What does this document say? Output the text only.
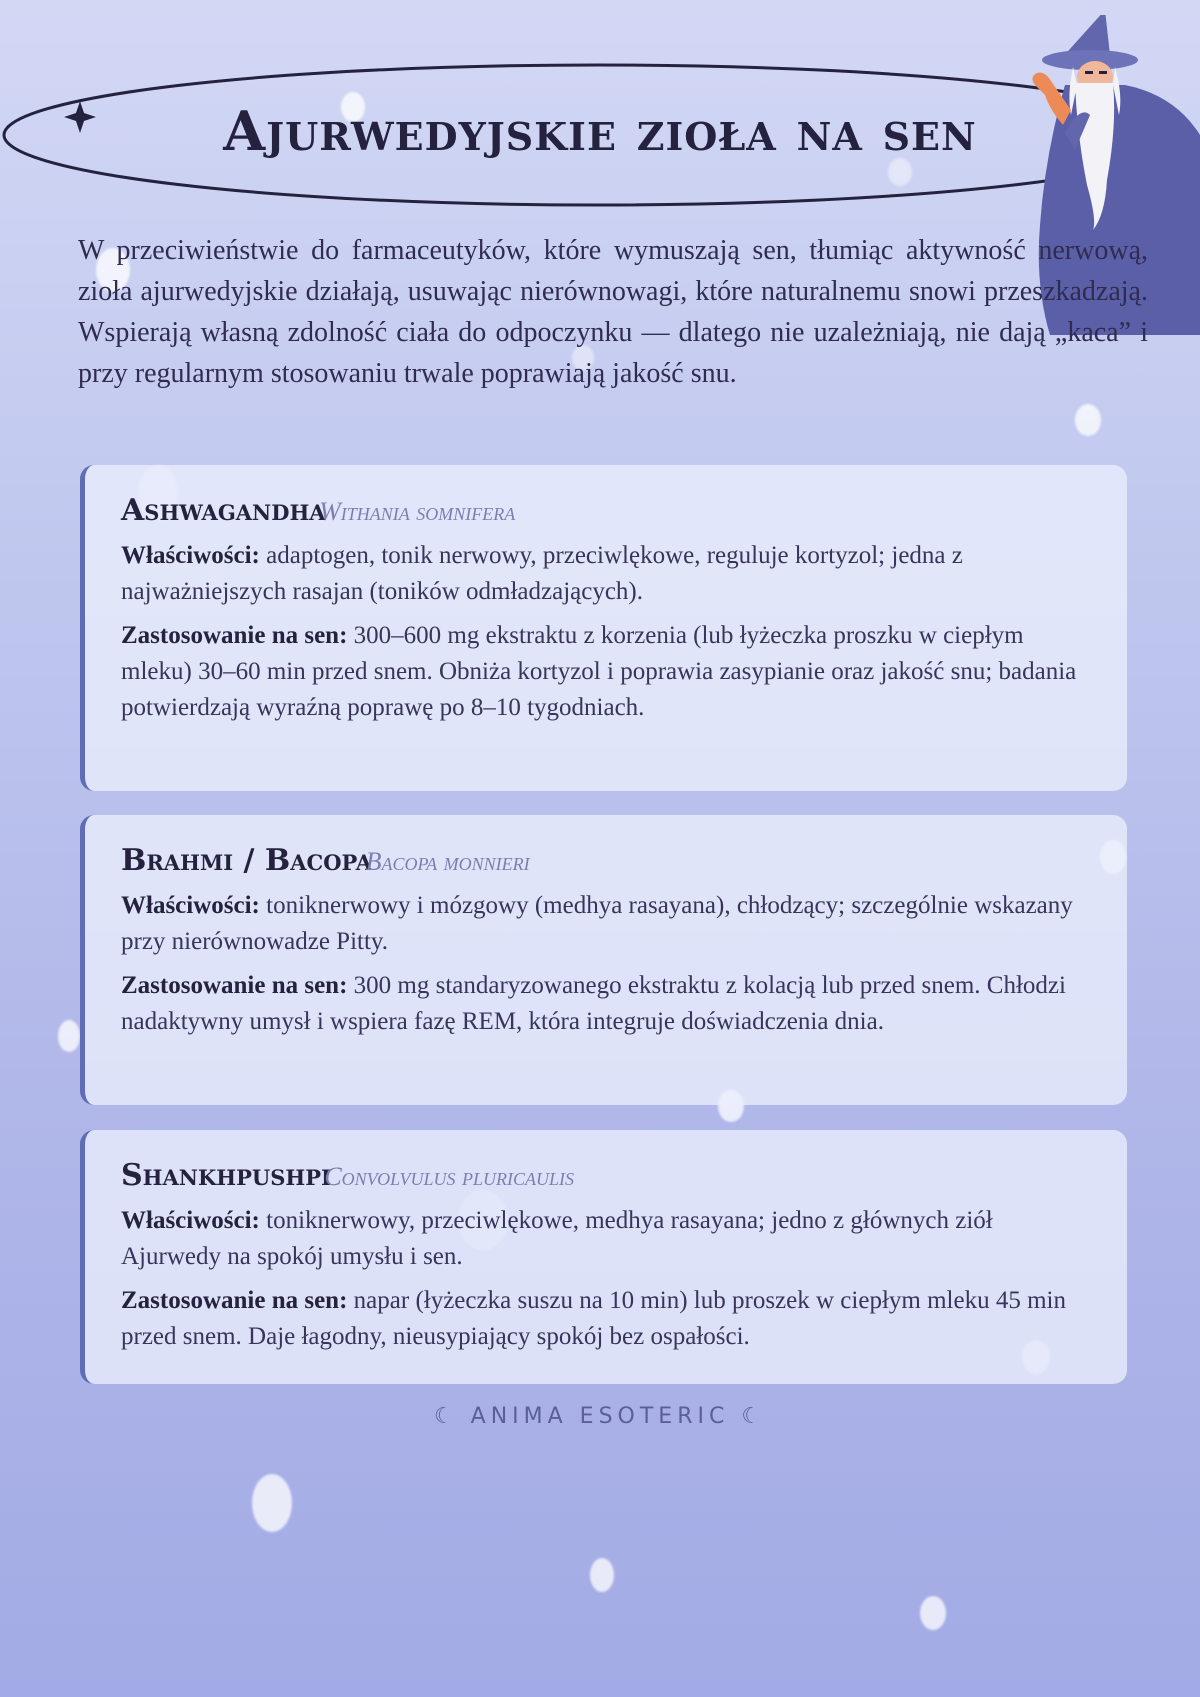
Ajurwedyjskie zioła na sen
W przeciwieństwie do farmaceutyków, które wymuszają sen, tłumiąc aktywność nerwową, zioła ajurwedyjskie działają, usuwając nierównowagi, które naturalnemu snowi przeszkadzają. Wspierają własną zdolność ciała do odpoczynku — dlatego nie uzależniają, nie dają „kaca” i przy regularnym stosowaniu trwale poprawiają jakość snu.
Ashwagandha Withania somnifera
Właściwości: adaptogen, tonik nerwowy, przeciwlękowe, reguluje kortyzol; jedna z najważniejszych rasajan (toników odmładzających).
Zastosowanie na sen: 300–600 mg ekstraktu z korzenia (lub łyżeczka proszku w ciepłym mleku) 30–60 min przed snem. Obniża kortyzol i poprawia zasypianie oraz jakość snu; badania potwierdzają wyraźną poprawę po 8–10 tygodniach.
Brahmi / Bacopa Bacopa monnieri
Właściwości: toniknerwowy i mózgowy (medhya rasayana), chłodzący; szczególnie wskazany przy nierównowadze Pitty.
Zastosowanie na sen: 300 mg standaryzowanego ekstraktu z kolacją lub przed snem. Chłodzi nadaktywny umysł i wspiera fazę REM, która integruje doświadczenia dnia.
Shankhpushpi Convolvulus pluricaulis
Właściwości: toniknerwowy, przeciwlękowe, medhya rasayana; jedno z głównych ziół Ajurwedy na spokój umysłu i sen.
Zastosowanie na sen: napar (łyżeczka suszu na 10 min) lub proszek w ciepłym mleku 45 min przed snem. Daje łagodny, nieusypiający spokój bez ospałości.
☾ ANIMA ESOTERIC ☾
